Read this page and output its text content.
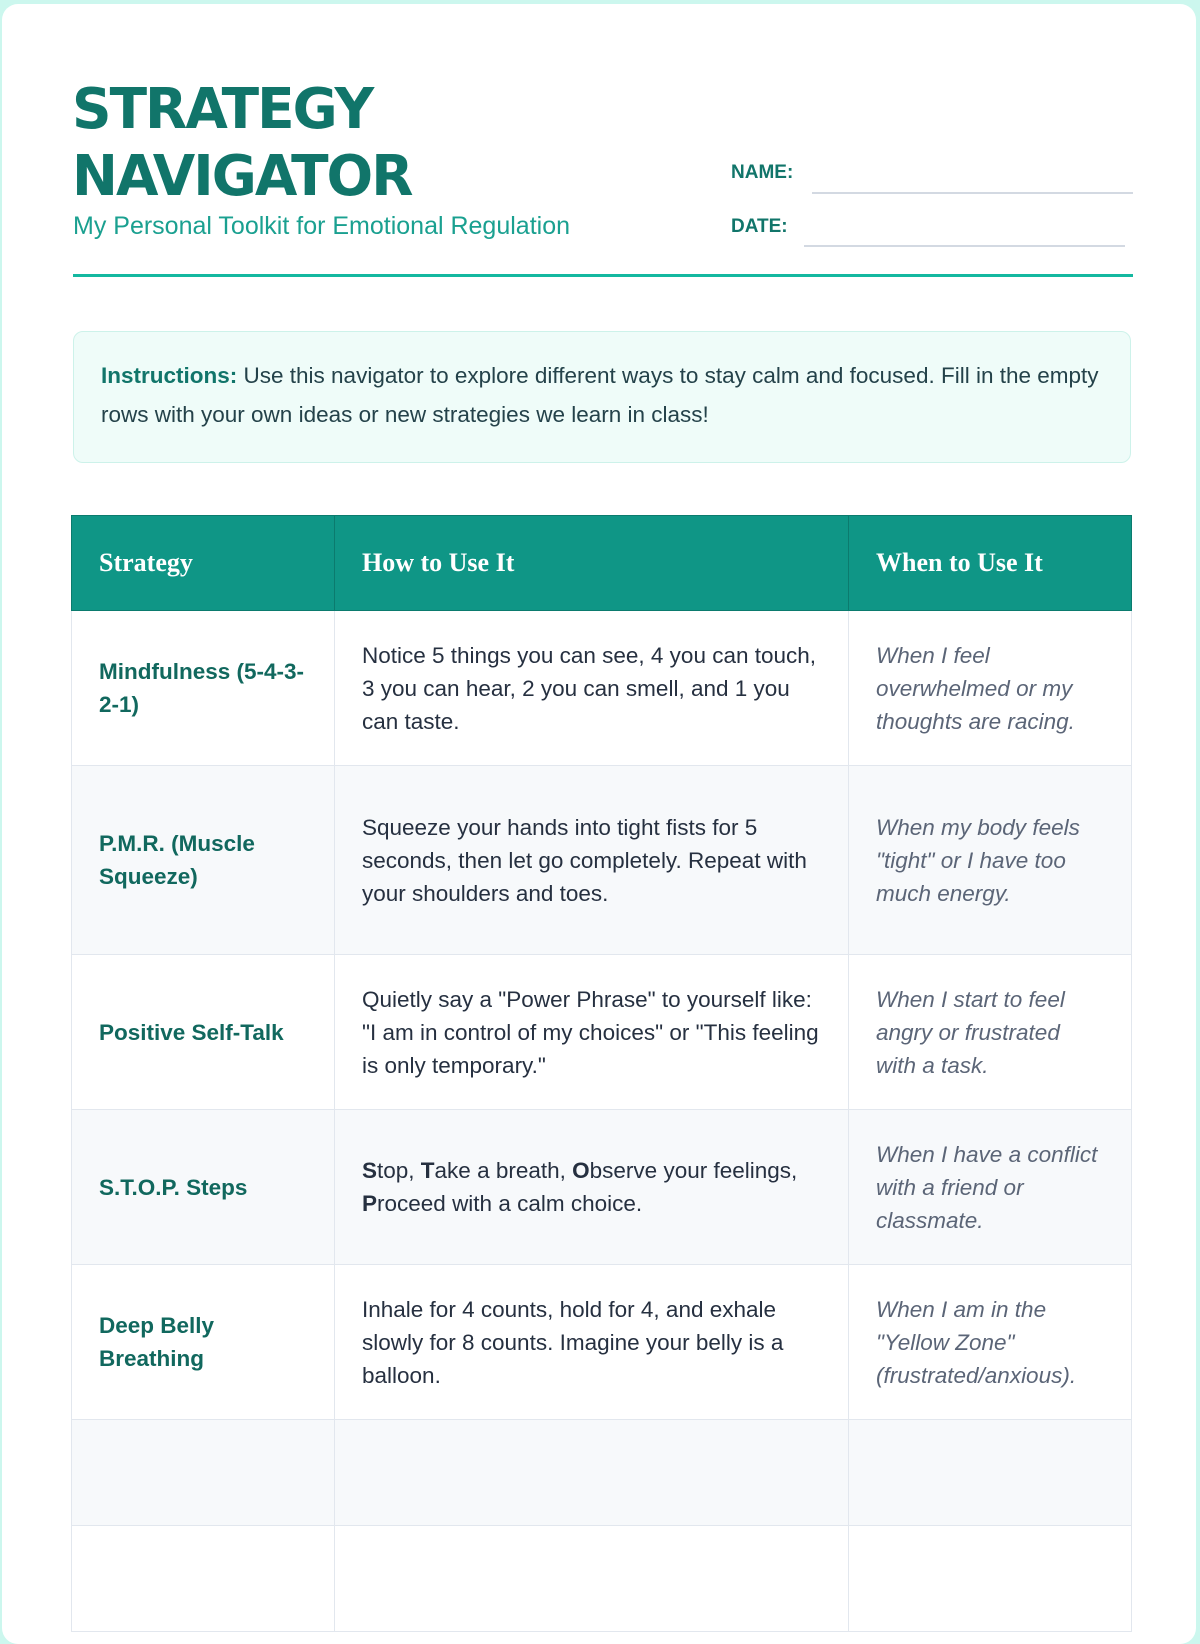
STRATEGY
NAVIGATOR
My Personal Toolkit for Emotional Regulation
NAME:
DATE:
Instructions: Use this navigator to explore different ways to stay calm and focused. Fill in the empty rows with your own ideas or new strategies we learn in class!
Strategy	How to Use It	When to Use It
Mindfulness (5-4-3-2-1)	Notice 5 things you can see, 4 you can touch, 3 you can hear, 2 you can smell, and 1 you can taste.	When I feel overwhelmed or my thoughts are racing.
P.M.R. (Muscle Squeeze)	Squeeze your hands into tight fists for 5 seconds, then let go completely. Repeat with your shoulders and toes.	When my body feels "tight" or I have too much energy.
Positive Self-Talk	Quietly say a "Power Phrase" to yourself like: "I am in control of my choices" or "This feeling is only temporary."	When I start to feel angry or frustrated with a task.
S.T.O.P. Steps	Stop, Take a breath, Observe your feelings, Proceed with a calm choice.	When I have a conflict with a friend or classmate.
Deep Belly Breathing	Inhale for 4 counts, hold for 4, and exhale slowly for 8 counts. Imagine your belly is a balloon.	When I am in the "Yellow Zone" (frustrated/anxious).
